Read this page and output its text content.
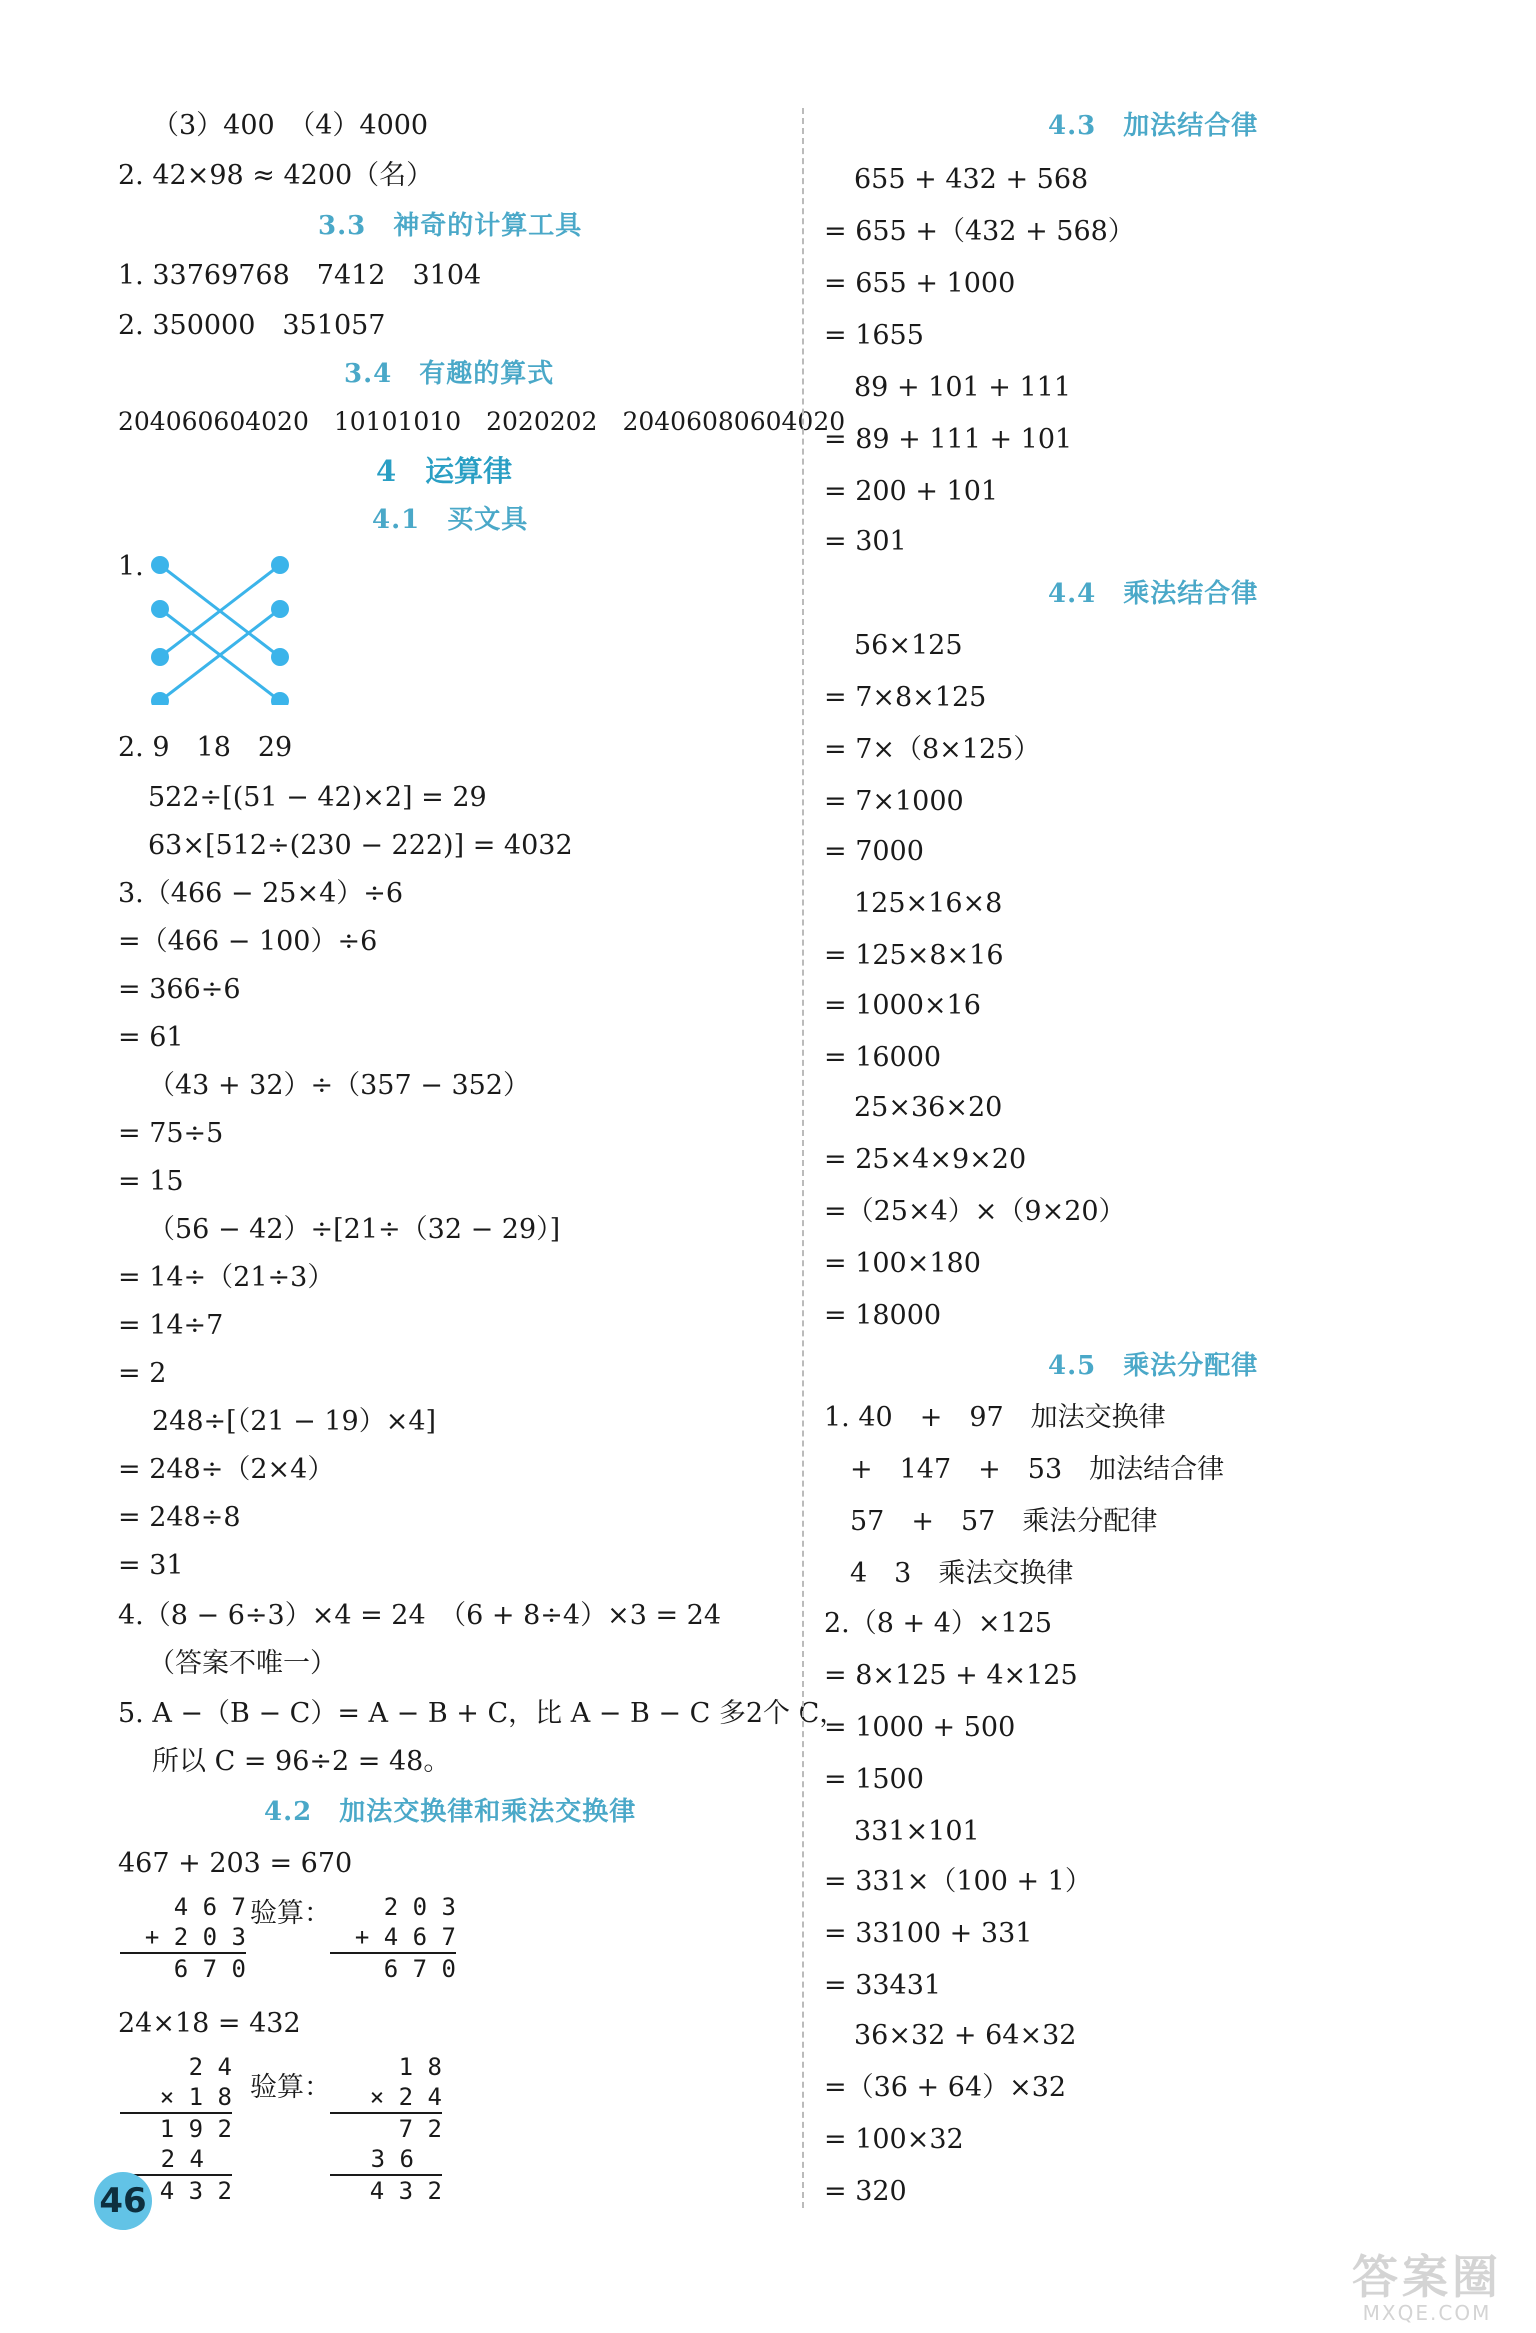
（3）400　（4）4000
2. 42×98 ≈ 4200（名）
3.3　神奇的计算工具
1. 33769768　7412　3104
2. 350000　351057
3.4　有趣的算式
204060604020　10101010　2020202　20406080604020
4　运算律
4.1　买文具
1.
2. 9　18　29
522÷[(51 − 42)×2] = 29
63×[512÷(230 − 222)] = 4032
3.（466 − 25×4）÷6
=（466 − 100）÷6
= 366÷6
= 61
（43 + 32）÷（357 − 352）
= 75÷5
= 15
（56 − 42）÷[21÷（32 − 29）]
= 14÷（21÷3）
= 14÷7
= 2
248÷[（21 − 19）×4]
= 248÷（2×4）
= 248÷8
= 31
4.（8 − 6÷3）×4 = 24　（6 + 8÷4）×3 = 24
（答案不唯一）
5. A −（B − C）= A − B + C，比 A − B − C 多2个 C，
所以 C = 96÷2 = 48。
4.2　加法交换律和乘法交换律
467 + 203 = 670
4 6 7
+ 2 0 3
6 7 0
验算：	2 0 3
+ 4 6 7
6 7 0
24×18 = 432
2 4
× 1 8
1 9 2
2 4
4 3 2
验算：
1 8
× 2 4
7 2
3 6
4 3 2
4.3　加法结合律
655 + 432 + 568
= 655 +（432 + 568）
= 655 + 1000
= 1655
89 + 101 + 111
= 89 + 111 + 101
= 200 + 101
= 301
4.4　乘法结合律
56×125
= 7×8×125
= 7×（8×125）
= 7×1000
= 7000
125×16×8
= 125×8×16
= 1000×16
= 16000
25×36×20
= 25×4×9×20
=（25×4）×（9×20）
= 100×180
= 18000
4.5　乘法分配律
1. 40　+　97　加法交换律
+　147　+　53　加法结合律
57　+　57　乘法分配律
4　3　乘法交换律
2.（8 + 4）×125
= 8×125 + 4×125
= 1000 + 500
= 1500
331×101
= 331×（100 + 1）
= 33100 + 331
= 33431
36×32 + 64×32
=（36 + 64）×32
= 100×32
= 320
46
答案圈
MXQE.COM
